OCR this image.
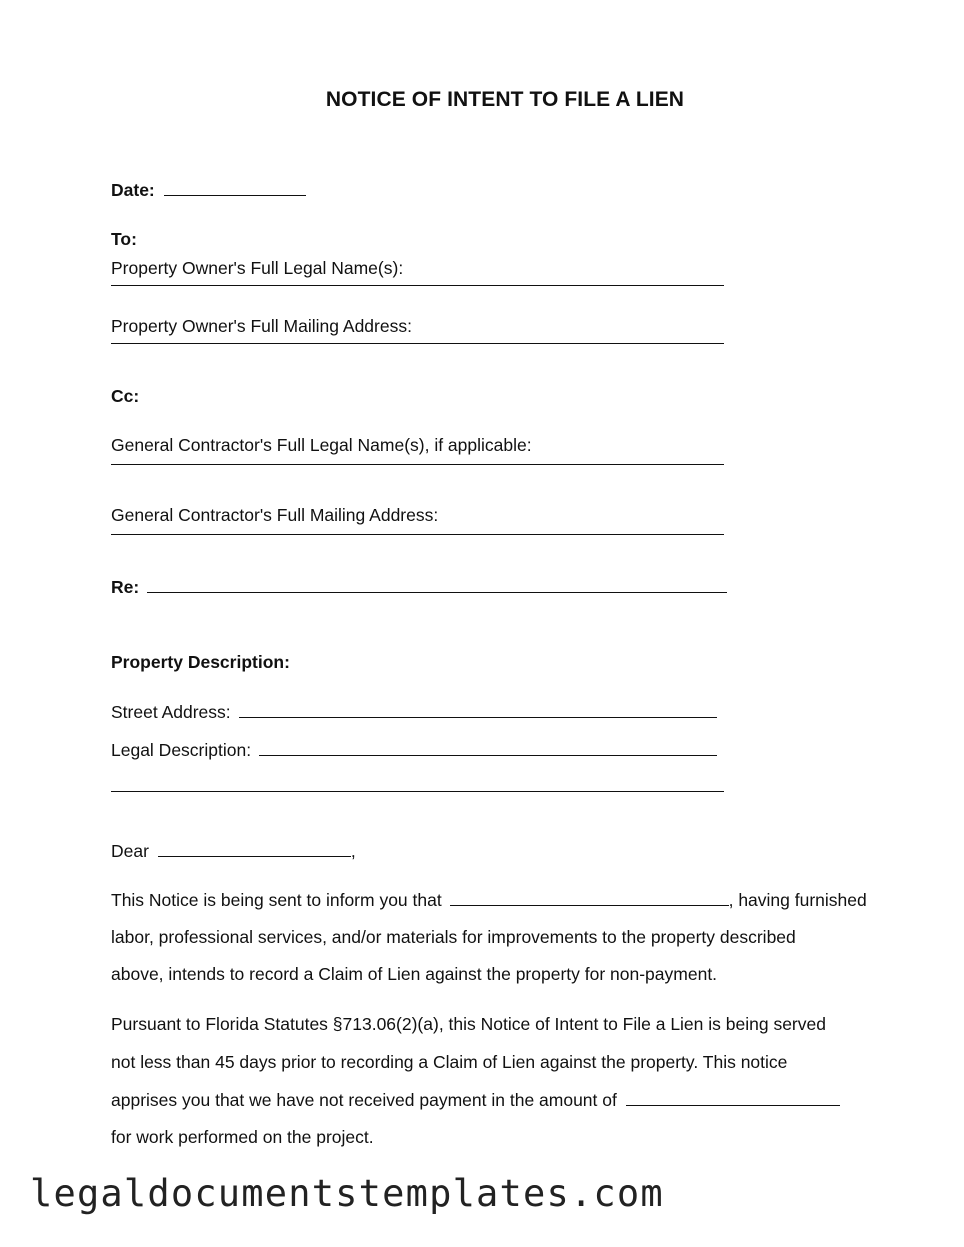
NOTICE OF INTENT TO FILE A LIEN
Date:
To:
Property Owner's Full Legal Name(s):
Property Owner's Full Mailing Address:
Cc:
General Contractor's Full Legal Name(s), if applicable:
General Contractor's Full Mailing Address:
Re:
Property Description:
Street Address:
Legal Description:
Dear	,
This Notice is being sent to inform you that	, having furnished
labor, professional services, and/or materials for improvements to the property described
above, intends to record a Claim of Lien against the property for non-payment.
Pursuant to Florida Statutes §713.06(2)(a), this Notice of Intent to File a Lien is being served
not less than 45 days prior to recording a Claim of Lien against the property. This notice
apprises you that we have not received payment in the amount of
for work performed on the project.
legaldocumentstemplates.com
